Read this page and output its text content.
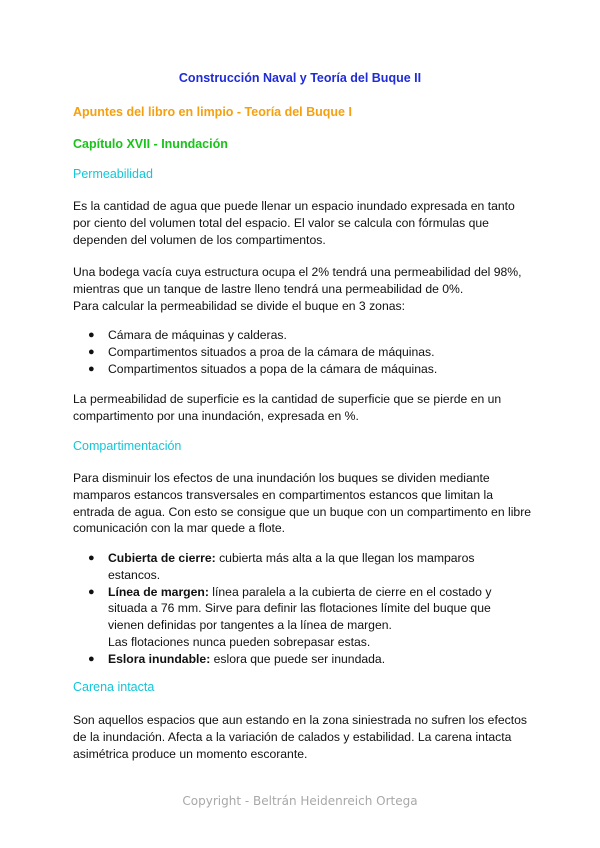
Construcción Naval y Teoría del Buque II
Apuntes del libro en limpio - Teoría del Buque I
Capítulo XVII - Inundación
Permeabilidad

Es la cantidad de agua que puede llenar un espacio inundado expresada en tanto por ciento del volumen total del espacio. El valor se calcula con fórmulas que dependen del volumen de los compartimentos.

Una bodega vacía cuya estructura ocupa el 2% tendrá una permeabilidad del 98%,
mientras que un tanque de lastre lleno tendrá una permeabilidad de 0%.
Para calcular la permeabilidad se divide el buque en 3 zonas:
● Cámara de máquinas y calderas.
● Compartimentos situados a proa de la cámara de máquinas.
● Compartimentos situados a popa de la cámara de máquinas.

La permeabilidad de superficie es la cantidad de superficie que se pierde en un compartimento por una inundación, expresada en %.

Compartimentación

Para disminuir los efectos de una inundación los buques se dividen mediante mamparos estancos transversales en compartimentos estancos que limitan la entrada de agua. Con esto se consigue que un buque con un compartimento en libre comunicación con la mar quede a flote.

● Cubierta de cierre: cubierta más alta a la que llegan los mamparos estancos.
● Línea de margen: línea paralela a la cubierta de cierre en el costado y situada a 76 mm. Sirve para definir las flotaciones límite del buque que vienen definidas por tangentes a la línea de margen.
Las flotaciones nunca pueden sobrepasar estas.
● Eslora inundable: eslora que puede ser inundada.
Carena intacta

Son aquellos espacios que aun estando en la zona siniestrada no sufren los efectos de la inundación. Afecta a la variación de calados y estabilidad. La carena intacta asimétrica produce un momento escorante.

Copyright - Beltrán Heidenreich Ortega
